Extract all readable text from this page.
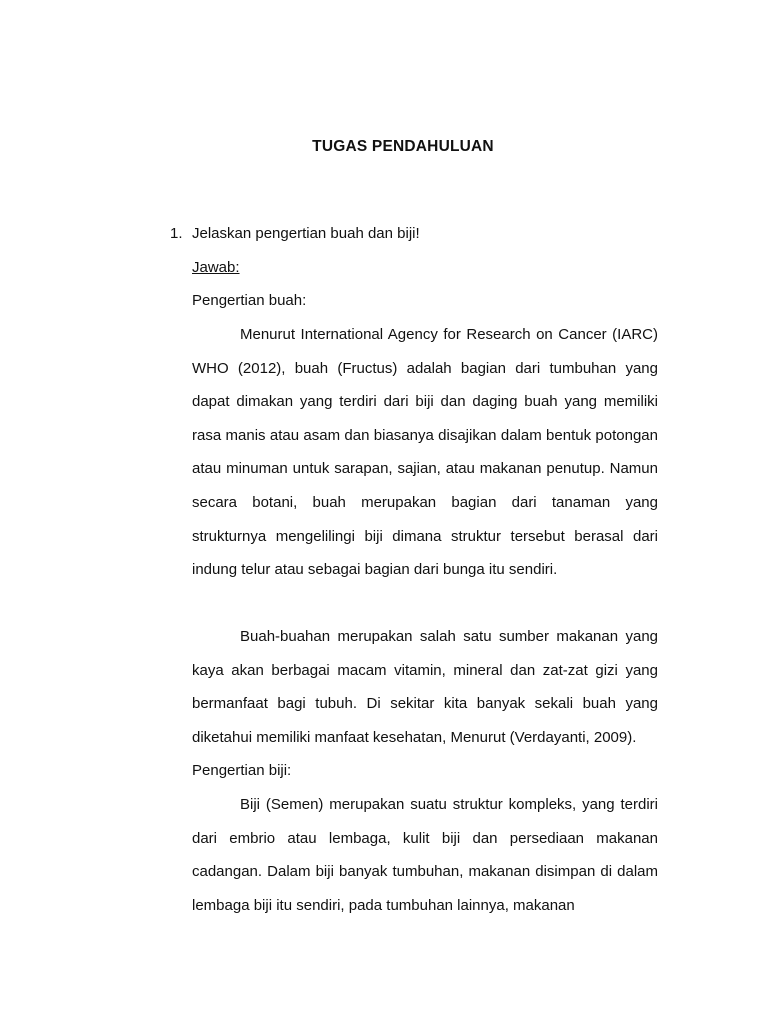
TUGAS PENDAHULUAN
1. Jelaskan pengertian buah dan biji!
Jawab:
Pengertian buah:

Menurut International Agency for Research on Cancer (IARC) WHO (2012), buah (Fructus) adalah bagian dari tumbuhan yang dapat dimakan yang terdiri dari biji dan daging buah yang memiliki rasa manis atau asam dan biasanya disajikan dalam bentuk potongan atau minuman untuk sarapan, sajian, atau makanan penutup. Namun secara botani, buah merupakan bagian dari tanaman yang strukturnya mengelilingi biji dimana struktur tersebut berasal dari indung telur atau sebagai bagian dari bunga itu sendiri.

Buah-buahan merupakan salah satu sumber makanan yang kaya akan berbagai macam vitamin, mineral dan zat-zat gizi yang bermanfaat bagi tubuh. Di sekitar kita banyak sekali buah yang diketahui memiliki manfaat kesehatan, Menurut (Verdayanti, 2009).

Pengertian biji:

Biji (Semen) merupakan suatu struktur kompleks, yang terdiri dari embrio atau lembaga, kulit biji dan persediaan makanan cadangan. Dalam biji banyak tumbuhan, makanan disimpan di dalam lembaga biji itu sendiri, pada tumbuhan lainnya, makanan
